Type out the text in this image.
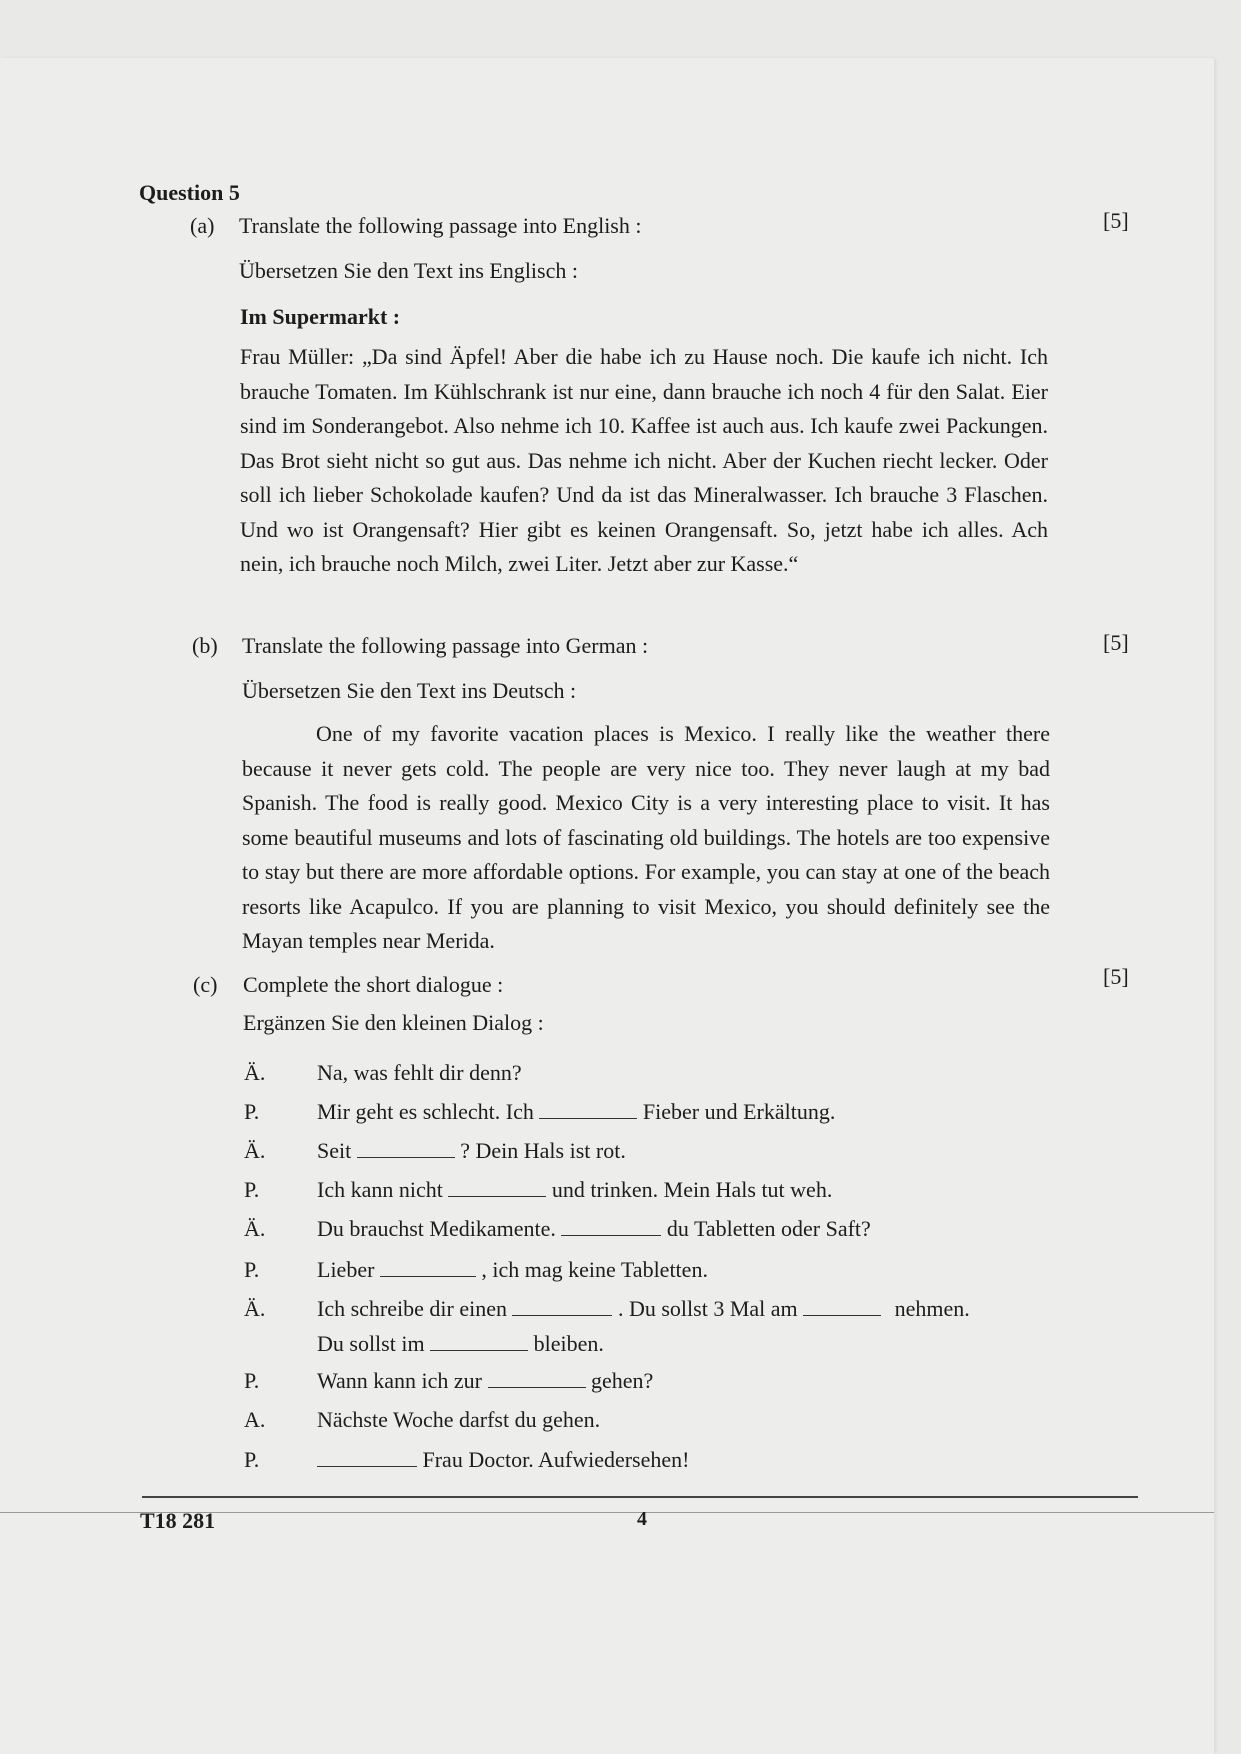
Question 5
(a) Translate the following passage into English :	[5]
Übersetzen Sie den Text ins Englisch :
Im Supermarkt :
Frau Müller: „Da sind Äpfel! Aber die habe ich zu Hause noch. Die kaufe ich nicht. Ich brauche Tomaten. Im Kühlschrank ist nur eine, dann brauche ich noch 4 für den Salat. Eier sind im Sonderangebot. Also nehme ich 10. Kaffee ist auch aus. Ich kaufe zwei Packungen. Das Brot sieht nicht so gut aus. Das nehme ich nicht. Aber der Kuchen riecht lecker. Oder soll ich lieber Schokolade kaufen? Und da ist das Mineralwasser. Ich brauche 3 Flaschen. Und wo ist Orangensaft? Hier gibt es keinen Orangensaft. So, jetzt habe ich alles. Ach nein, ich brauche noch Milch, zwei Liter. Jetzt aber zur Kasse.“
(b) Translate the following passage into German :	[5]
Übersetzen Sie den Text ins Deutsch :
One of my favorite vacation places is Mexico. I really like the weather there because it never gets cold. The people are very nice too. They never laugh at my bad Spanish. The food is really good. Mexico City is a very interesting place to visit. It has some beautiful museums and lots of fascinating old buildings. The hotels are too expensive to stay but there are more affordable options. For example, you can stay at one of the beach resorts like Acapulco. If you are planning to visit Mexico, you should definitely see the Mayan temples near Merida.
(c) Complete the short dialogue :	[5]
Ergänzen Sie den kleinen Dialog :
Ä. Na, was fehlt dir denn?
P.	Mir geht es schlecht. Ich	Fieber und Erkältung.
Ä. Seit	? Dein Hals ist rot.
P.	Ich kann nicht	und trinken. Mein Hals tut weh.
Ä. Du brauchst Medikamente.	du Tabletten oder Saft?
P.	Lieber	, ich mag keine Tabletten.
Ä. Ich schreibe dir einen	. Du sollst 3 Mal am	nehmen.
Du sollst im	bleiben.
P.	Wann kann ich zur	gehen?
A. Nächste Woche darfst du gehen.
P.	Frau Doctor. Aufwiedersehen!
T18 281	4
